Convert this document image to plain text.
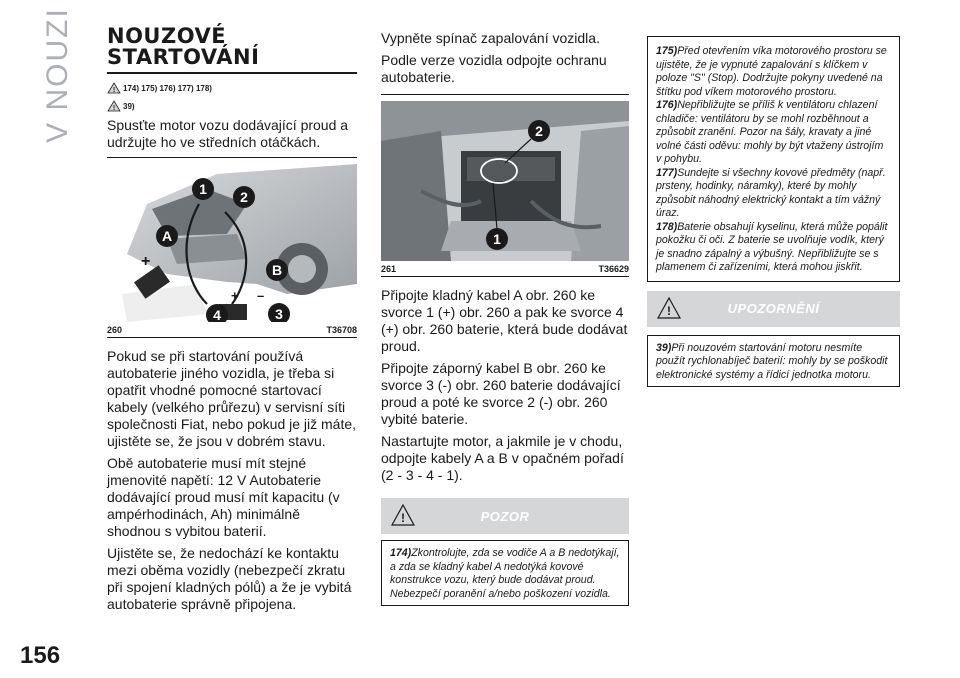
V NOUZI
156
NOUZOVÉ
STARTOVÁNÍ
! 174) 175) 176) 177) 178)
! 39)

Spusťte motor vozu dodávající proud a udržujte ho ve středních otáčkách.

1 2
A
B
4	3
+
+ –
260	T36708

Pokud se při startování používá autobaterie jiného vozidla, je třeba si opatřit vhodné pomocné startovací kabely (velkého průřezu) v servisní síti společnosti Fiat, nebo pokud je již máte, ujistěte se, že jsou v dobrém stavu.

Obě autobaterie musí mít stejné jmenovité napětí: 12 V Autobaterie dodávající proud musí mít kapacitu (v ampérhodinách, Ah) minimálně shodnou s vybitou baterií.

Ujistěte se, že nedochází ke kontaktu mezi oběma vozidly (nebezpečí zkratu při spojení kladných pólů) a že je vybitá autobaterie správně připojena.

Vypněte spínač zapalování vozidla.

Podle verze vozidla odpojte ochranu autobaterie.

2
1
261	T36629

Připojte kladný kabel A obr. 260 ke svorce 1 (+) obr. 260 a pak ke svorce 4 (+) obr. 260 baterie, která bude dodávat proud.

Připojte záporný kabel B obr. 260 ke svorce 3 (-) obr. 260 baterie dodávající proud a poté ke svorce 2 (-) obr. 260 vybité baterie.

Nastartujte motor, a jakmile je v chodu, odpojte kabely A a B v opačném pořadí (2 - 3 - 4 - 1).

!	POZOR
174)Zkontrolujte, zda se vodiče A a B nedotýkají, a zda se kladný kabel A nedotýká kovové konstrukce vozu, který bude dodávat proud. Nebezpečí poranění a/nebo poškození vozidla.
175)Před otevřením víka motorového prostoru se ujistěte, že je vypnuté zapalování s klíčkem v poloze "S" (Stop). Dodržujte pokyny uvedené na štítku pod víkem motorového prostoru.
176)Nepřibližujte se příliš k ventilátoru chlazení chladiče: ventilátoru by se mohl rozběhnout a způsobit zranění. Pozor na šály, kravaty a jiné volné části oděvu: mohly by být vtaženy ústrojím v pohybu.
177)Sundejte si všechny kovové předměty (např. prsteny, hodinky, náramky), které by mohly způsobit náhodný elektrický kontakt a tím vážný úraz.
178)Baterie obsahují kyselinu, která může popálit pokožku či oči. Z baterie se uvolňuje vodík, který je snadno zápalný a výbušný. Nepřibližujte se s plamenem či zařízeními, která mohou jiskřit.
!	UPOZORNĚNÍ
39)Při nouzovém startování motoru nesmíte použít rychlonabíječ baterií: mohly by se poškodit elektronické systémy a řídicí jednotka motoru.
